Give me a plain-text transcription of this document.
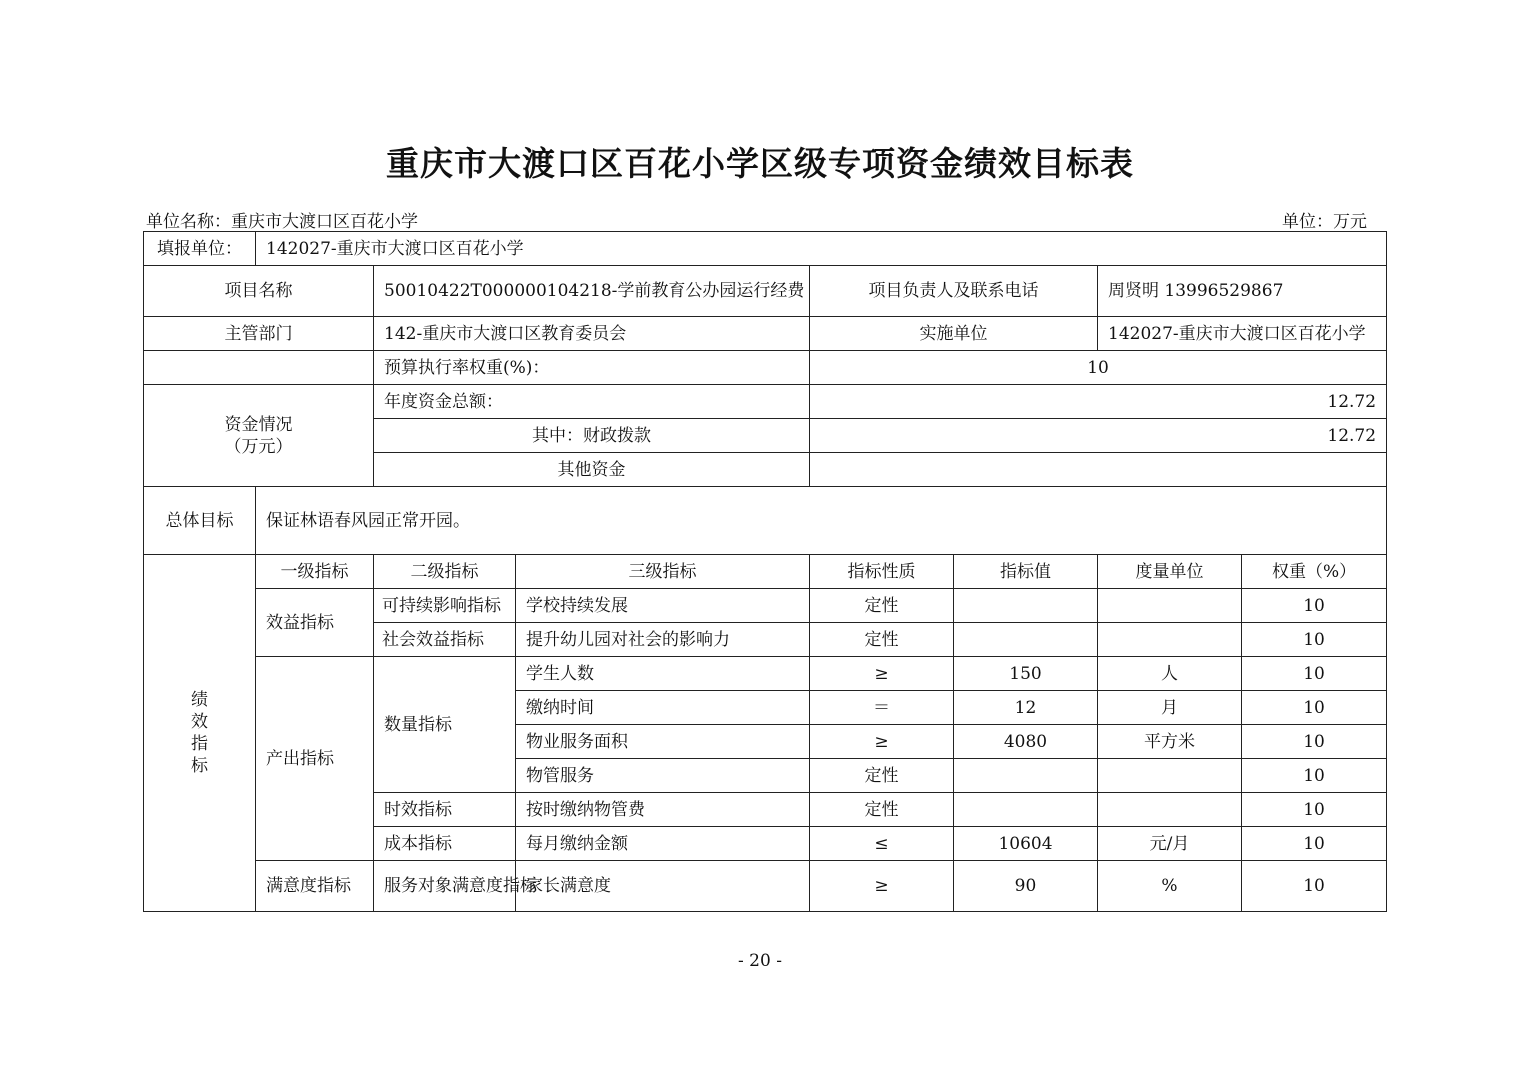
重庆市大渡口区百花小学区级专项资金绩效目标表
单位名称：重庆市大渡口区百花小学	单位：万元
填报单位：	142027-重庆市大渡口区百花小学						
项目名称		50010422T000000104218-学前教育公办园运行经费		项目负责人及联系电话		周贤明 13996529867	
主管部门		142-重庆市大渡口区教育委员会		实施单位		142027-重庆市大渡口区百花小学	
		预算执行率权重(%)：		10			

资金情况
（万元）		年度资金总额：		12.72			
		其中：财政拨款		12.72			
		其他资金					
总体目标	保证林语春风园正常开园。						

绩
效
指
标	一级指标	二级指标	三级指标	指标性质	指标值	度量单位	权重（%）
	效益指标	可持续影响指标	学校持续发展	定性			10
		社会效益指标	提升幼儿园对社会的影响力	定性			10
	产出指标	数量指标	学生人数	≥	150	人	10
			缴纳时间	＝	12	月	10
			物业服务面积	≥	4080	平方米	10
			物管服务	定性			10
		时效指标	按时缴纳物管费	定性			10
		成本指标	每月缴纳金额	≤	10604	元/月	10
	满意度指标	服务对象满意度指标	家长满意度	≥	90	%	10
- 20 -
